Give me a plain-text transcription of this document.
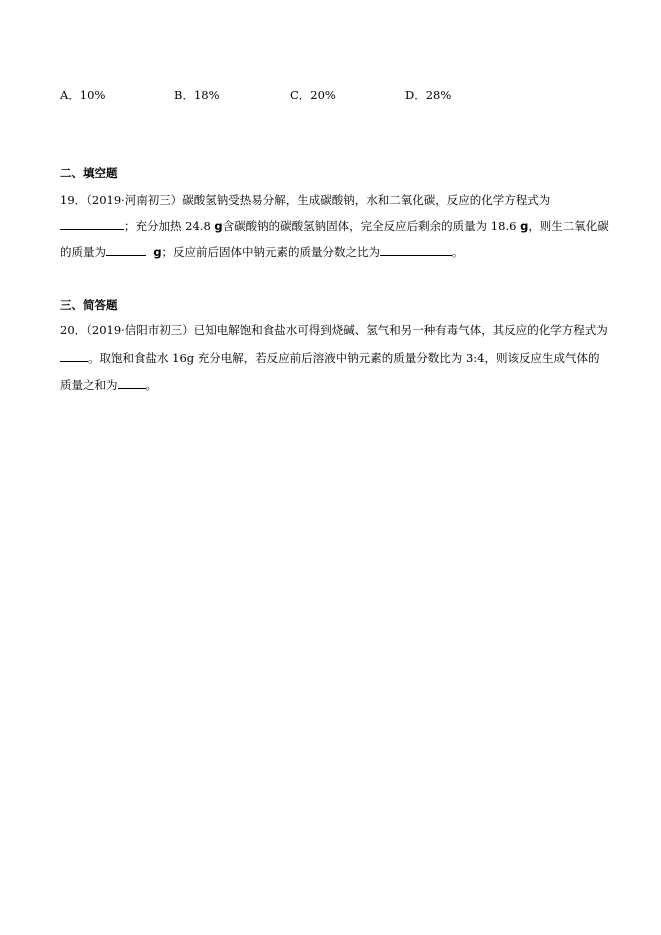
A．10%	B．18%	C．20%	D．28%
二、填空题
19．（2019·河南初三）碳酸氢钠受热易分解，生成碳酸钠，水和二氧化碳，反应的化学方程式为
；充分加热 24.8 g含碳酸钠的碳酸氢钠固体，完全反应后剩余的质量为 18.6 g，则生二氧化碳
的质量为	g；反应前后固体中钠元素的质量分数之比为	。
三、简答题
20．（2019·信阳市初三）已知电解饱和食盐水可得到烧碱、氢气和另一种有毒气体，其反应的化学方程式为
。取饱和食盐水 16g 充分电解，若反应前后溶液中钠元素的质量分数比为 3:4，则该反应生成气体的
质量之和为 。
